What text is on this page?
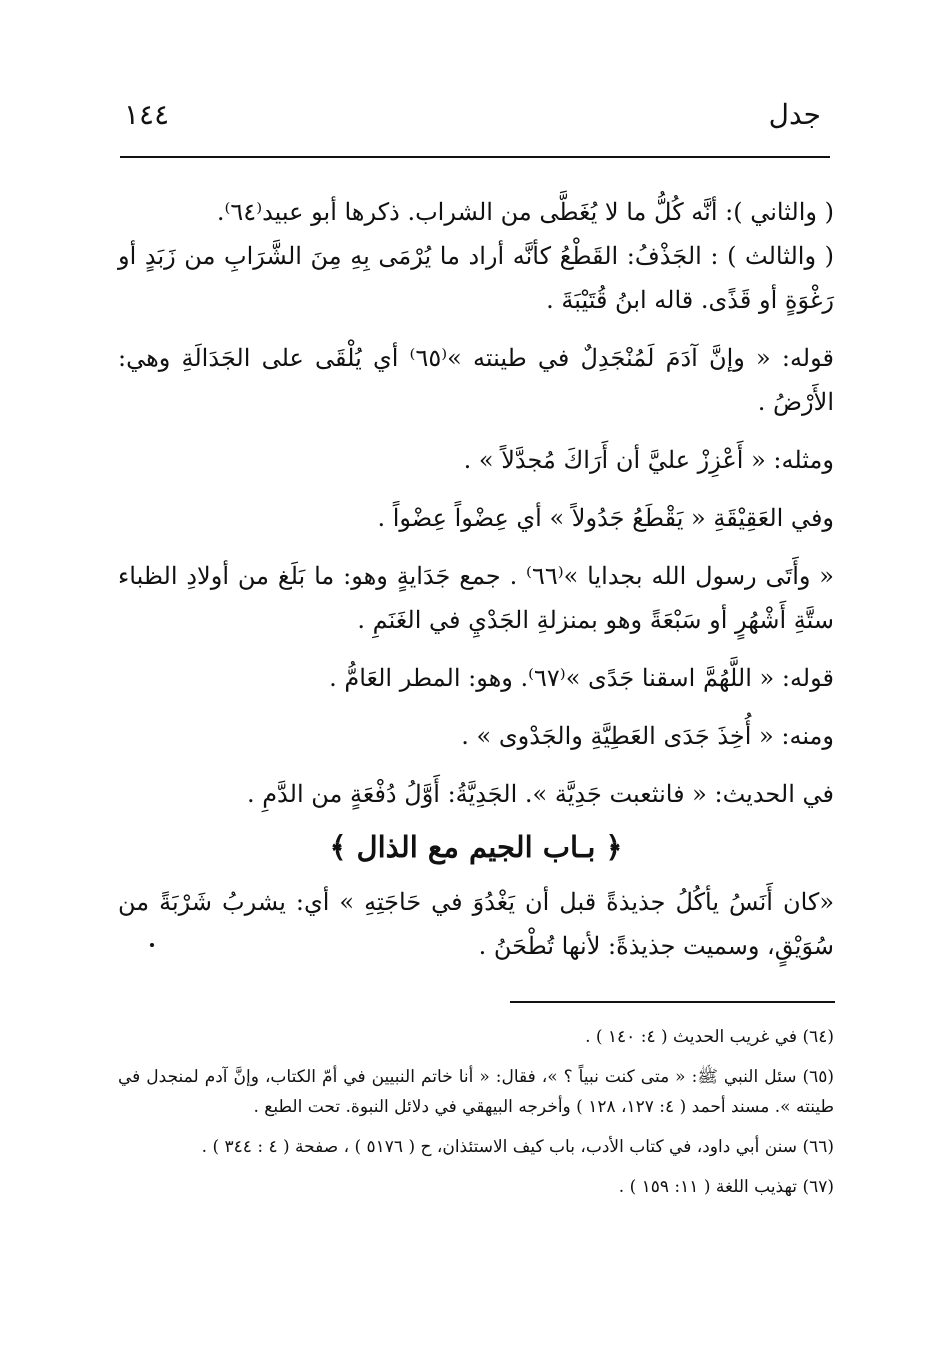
جدل
١٤٤

( والثاني ): أنَّه كُلُّ ما لا يُغَطَّى من الشراب. ذكرها أبو عبيد⁽٦٤⁾.

( والثالث ) : الجَذْفُ: القَطْعُ كأنَّه أراد ما يُرْمَى بِهِ مِنَ الشَّرَابِ من زَبَدٍ أو رَغْوَةٍ أو قَذًى. قاله ابنُ قُتَيْبَةَ .

قوله: « وإنَّ آدَمَ لَمُنْجَدِلٌ في طينته »⁽٦٥⁾ أي يُلْقَى على الجَدَالَةِ وهي: الأَرْضُ .

ومثله: « أَعْزِزْ عليَّ أن أَرَاكَ مُجدَّلاً » .

وفي العَقِيْقَةِ « يَقْطَعُ جَدُولاً » أي عِضْواً عِضْواً .

« وأَتَى رسول الله بجدايا »⁽٦٦⁾ . جمع جَدَايةٍ وهو: ما بَلَغ من أولادِ الظباء ستَّةِ أَشْهُرٍ أو سَبْعَةً وهو بمنزلةِ الجَدْيِ في الغَنَمِ .

قوله: « اللَّهُمَّ اسقنا جَدًى »⁽٦٧⁾. وهو: المطر العَامُّ .

ومنه: « أُخِذَ جَدَى العَطِيَّةِ والجَدْوى » .

في الحديث: « فانثعبت جَدِيَّة ». الجَدِيَّةُ: أَوَّلُ دُفْعَةٍ من الدَّمِ .

﴿ بـاب الجيم مع الذال ﴾

«كان أَنَسُ يأكُلُ جذيذةً قبل أن يَغْدُوَ في حَاجَتِهِ » أي: يشربُ شَرْبَةً من سُوَيْقٍ، وسميت جذيذةً: لأنها تُطْحَنُ .

(٦٤) في غريب الحديث ( ٤: ١٤٠ ) .

(٦٥) سئل النبي ﷺ: « متى كنت نبياً ؟ »، فقال: « أنا خاتم النبيين في أمّ الكتاب، وإنَّ آدم لمنجدل في طينته ». مسند أحمد ( ٤: ١٢٧، ١٢٨ ) وأخرجه البيهقي في دلائل النبوة. تحت الطبع .

(٦٦) سنن أبي داود، في كتاب الأدب، باب كيف الاستئذان، ح ( ٥١٧٦ ) ، صفحة ( ٤ : ٣٤٤ ) .

(٦٧) تهذيب اللغة ( ١١: ١٥٩ ) .
